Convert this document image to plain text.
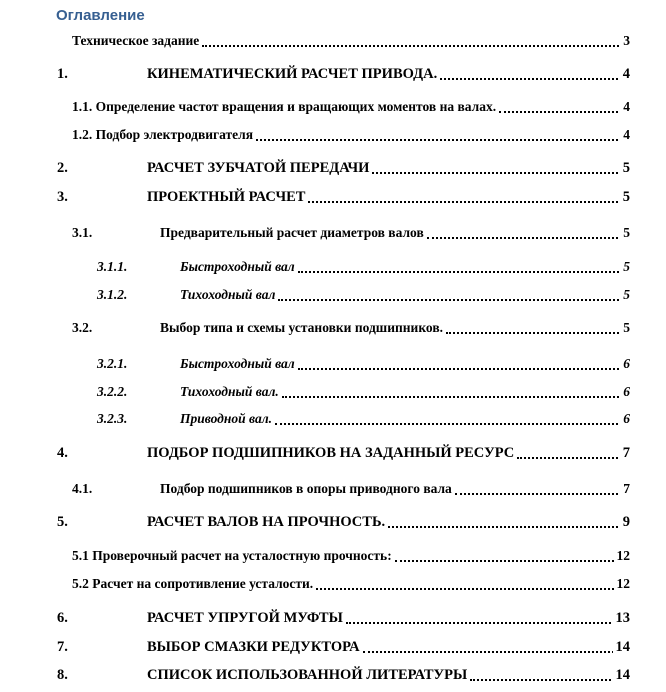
Оглавление
Техническое задание	3
1.	КИНЕМАТИЧЕСКИЙ РАСЧЕТ ПРИВОДА.	4
1.1. Определение частот вращения и вращающих моментов на валах.	4
1.2. Подбор электродвигателя	4
2.	РАСЧЕТ ЗУБЧАТОЙ ПЕРЕДАЧИ	5
3.	ПРОЕКТНЫЙ РАСЧЕТ	5
3.1.	Предварительный расчет диаметров валов	5
3.1.1.	Быстроходный вал	5
3.1.2.	Тихоходный вал	5
3.2.	Выбор типа и схемы установки подшипников.	5
3.2.1.	Быстроходный вал	6
3.2.2.	Тихоходный вал.	6
3.2.3.	Приводной вал.	6
4.	ПОДБОР ПОДШИПНИКОВ НА ЗАДАННЫЙ РЕСУРС	7
4.1.	Подбор подшипников в опоры приводного вала	7
5.	РАСЧЕТ ВАЛОВ НА ПРОЧНОСТЬ.	9
5.1 Проверочный расчет на усталостную прочность:	12
5.2 Расчет на сопротивление усталости.	12
6.	РАСЧЕТ УПРУГОЙ МУФТЫ	13
7.	ВЫБОР СМАЗКИ РЕДУКТОРА	14
8.	СПИСОК ИСПОЛЬЗОВАННОЙ ЛИТЕРАТУРЫ	14
